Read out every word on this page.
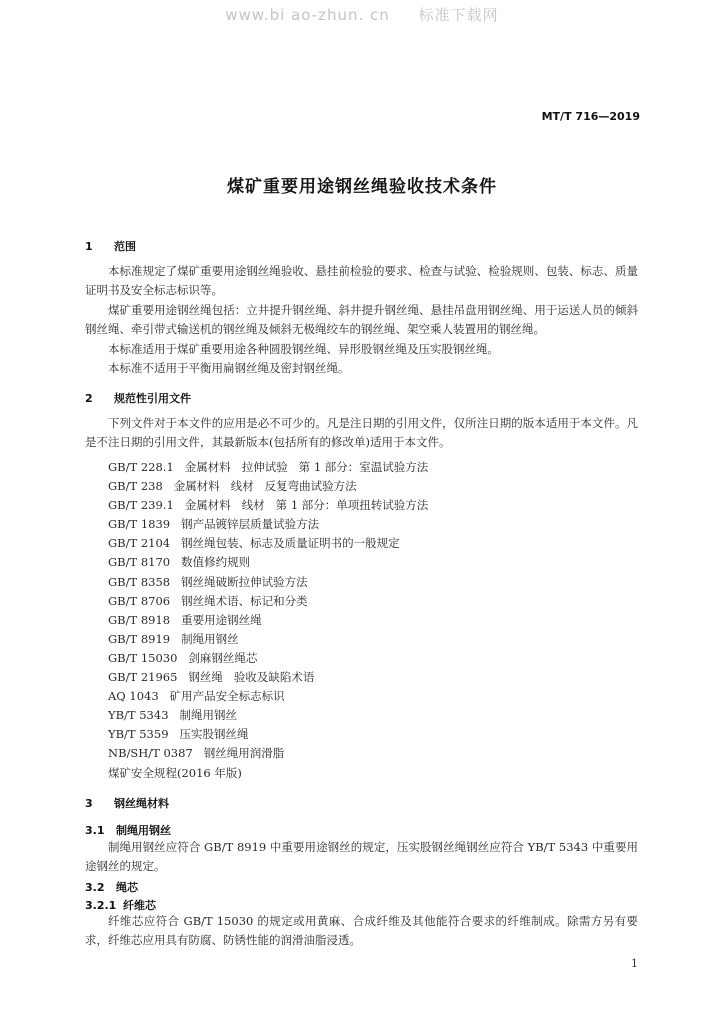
www.bi ao-zhun. cn     标准下载网
MT/T 716—2019
煤矿重要用途钢丝绳验收技术条件
1 范围

本标准规定了煤矿重要用途钢丝绳验收、悬挂前检验的要求、检查与试验、检验规则、包装、标志、质量证明书及安全标志标识等。

煤矿重要用途钢丝绳包括：立井提升钢丝绳、斜井提升钢丝绳、悬挂吊盘用钢丝绳、用于运送人员的倾斜钢丝绳、牵引带式输送机的钢丝绳及倾斜无极绳绞车的钢丝绳、架空乘人装置用的钢丝绳。

本标准适用于煤矿重要用途各种圆股钢丝绳、异形股钢丝绳及压实股钢丝绳。

本标准不适用于平衡用扁钢丝绳及密封钢丝绳。

2 规范性引用文件

下列文件对于本文件的应用是必不可少的。凡是注日期的引用文件，仅所注日期的版本适用于本文件。凡是不注日期的引用文件，其最新版本(包括所有的修改单)适用于本文件。

GB/T 228.1   金属材料   拉伸试验   第 1 部分：室温试验方法
GB/T 238   金属材料   线材   反复弯曲试验方法
GB/T 239.1   金属材料   线材   第 1 部分：单项扭转试验方法
GB/T 1839   钢产品镀锌层质量试验方法
GB/T 2104   钢丝绳包装、标志及质量证明书的一般规定
GB/T 8170   数值修约规则
GB/T 8358   钢丝绳破断拉伸试验方法
GB/T 8706   钢丝绳术语、标记和分类
GB/T 8918   重要用途钢丝绳
GB/T 8919   制绳用钢丝
GB/T 15030   剑麻钢丝绳芯
GB/T 21965   钢丝绳   验收及缺陷术语
AQ 1043   矿用产品安全标志标识
YB/T 5343   制绳用钢丝
YB/T 5359   压实股钢丝绳
NB/SH/T 0387   钢丝绳用润滑脂
煤矿安全规程(2016 年版)
3 钢丝绳材料
3.1 制绳用钢丝

制绳用钢丝应符合 GB/T 8919 中重要用途钢丝的规定，压实股钢丝绳钢丝应符合 YB/T 5343 中重要用途钢丝的规定。

3.2 绳芯
3.2.1 纤维芯

纤维芯应符合 GB/T 15030 的规定或用黄麻、合成纤维及其他能符合要求的纤维制成。除需方另有要求，纤维芯应用具有防腐、防锈性能的润滑油脂浸透。

1
